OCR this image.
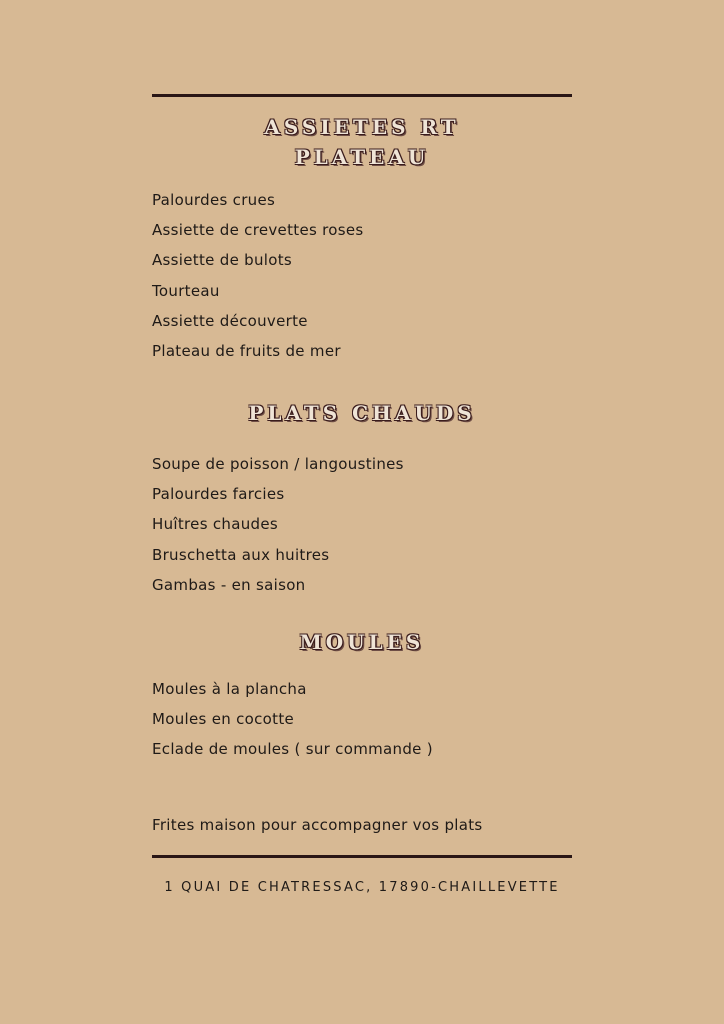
ASSIETES RT
PLATEAU
Palourdes crues
Assiette de crevettes roses
Assiette de bulots
Tourteau
Assiette découverte
Plateau de fruits de mer
PLATS CHAUDS
Soupe de poisson / langoustines
Palourdes farcies
Huîtres chaudes
Bruschetta aux huitres
Gambas - en saison
MOULES
Moules à la plancha
Moules en cocotte
Eclade de moules ( sur commande )

Frites maison pour accompagner vos plats

1 QUAI DE CHATRESSAC, 17890-CHAILLEVETTE
